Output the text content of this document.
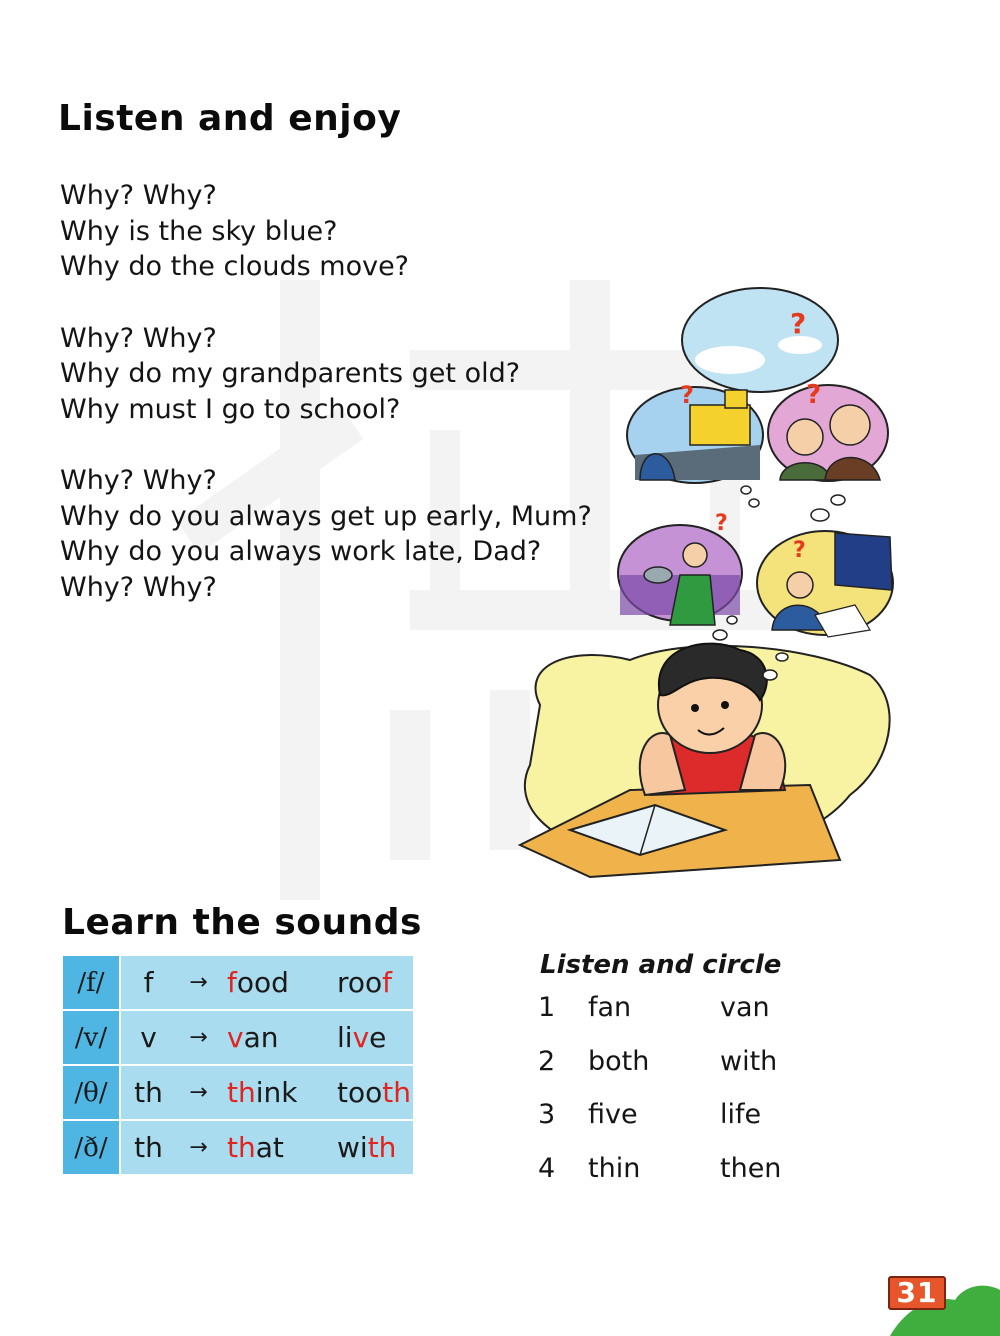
Listen and enjoy
Why? Why?
Why is the sky blue?
Why do the clouds move?
Why? Why?
Why do my grandparents get old?
Why must I go to school?
Why? Why?
Why do you always get up early, Mum?
Why do you always work late, Dad?
Why? Why?
?
?	?
?
?
Learn the sounds
/f/	f	→	food	roof
/v/	v	→	van	live
/θ/	th	→	think	tooth
/ð/	th	→	that	with
Listen and circle
1 fan	van
2 both	with
3 five	life
4 thin	then
31
